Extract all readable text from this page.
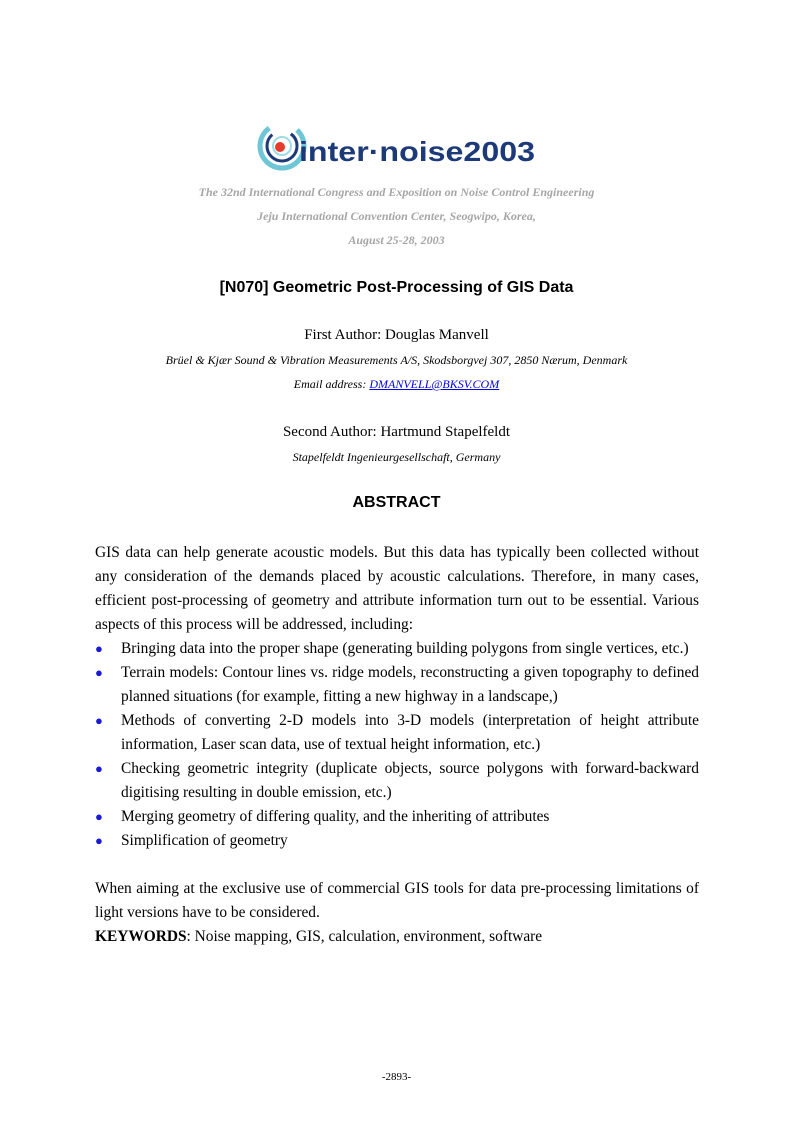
inter·noise2003
The 32nd International Congress and Exposition on Noise Control Engineering
Jeju International Convention Center, Seogwipo, Korea,
August 25-28, 2003
[N070] Geometric Post-Processing of GIS Data
First Author: Douglas Manvell
Brüel & Kjær Sound & Vibration Measurements A/S, Skodsborgvej 307, 2850 Nærum, Denmark
Email address: DMANVELL@BKSV.COM
Second Author: Hartmund Stapelfeldt
Stapelfeldt Ingenieurgesellschaft, Germany
ABSTRACT
GIS data can help generate acoustic models. But this data has typically been collected without any consideration of the demands placed by acoustic calculations. Therefore, in many cases, efficient post-processing of geometry and attribute information turn out to be essential. Various aspects of this process will be addressed, including:
● Bringing data into the proper shape (generating building polygons from single vertices, etc.)
● Terrain models: Contour lines vs. ridge models, reconstructing a given topography to defined planned situations (for example, fitting a new highway in a landscape,)
● Methods of converting 2-D models into 3-D models (interpretation of height attribute information, Laser scan data, use of textual height information, etc.)
● Checking geometric integrity (duplicate objects, source polygons with forward-backward digitising resulting in double emission, etc.)
● Merging geometry of differing quality, and the inheriting of attributes
● Simplification of geometry
When aiming at the exclusive use of commercial GIS tools for data pre-processing limitations of light versions have to be considered.
KEYWORDS: Noise mapping, GIS, calculation, environment, software
-2893-
